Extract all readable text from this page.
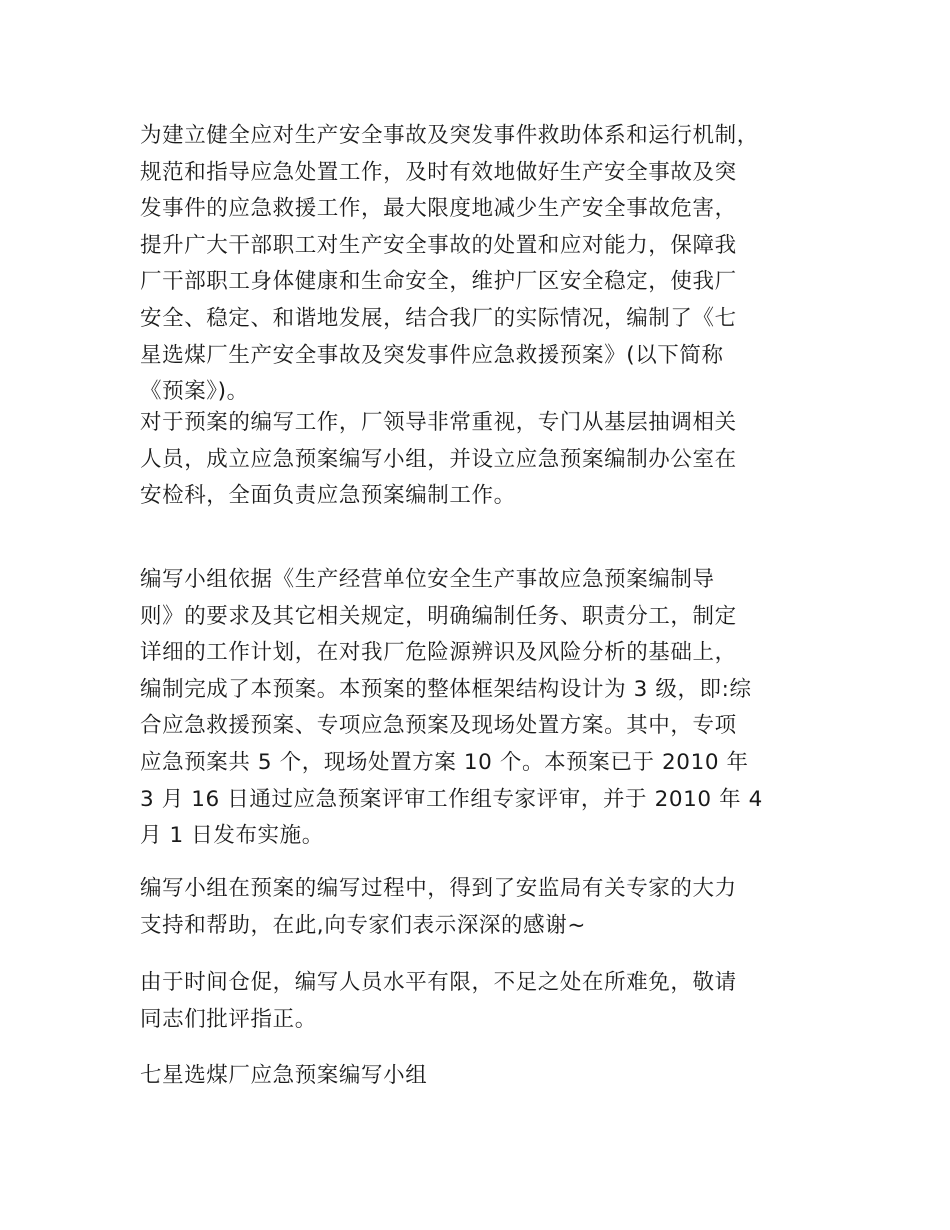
为建立健全应对生产安全事故及突发事件救助体系和运行机制，
规范和指导应急处置工作，及时有效地做好生产安全事故及突
发事件的应急救援工作，最大限度地减少生产安全事故危害，
提升广大干部职工对生产安全事故的处置和应对能力，保障我
厂干部职工身体健康和生命安全，维护厂区安全稳定，使我厂
安全、稳定、和谐地发展，结合我厂的实际情况，编制了《七
星选煤厂生产安全事故及突发事件应急救援预案》(以下简称
《预案》)。
对于预案的编写工作，厂领导非常重视，专门从基层抽调相关
人员，成立应急预案编写小组，并设立应急预案编制办公室在
安检科，全面负责应急预案编制工作。
编写小组依据《生产经营单位安全生产事故应急预案编制导
则》的要求及其它相关规定，明确编制任务、职责分工，制定
详细的工作计划，在对我厂危险源辨识及风险分析的基础上，
编制完成了本预案。本预案的整体框架结构设计为 3 级，即:综
合应急救援预案、专项应急预案及现场处置方案。其中，专项
应急预案共 5 个，现场处置方案 10 个。本预案已于 2010 年
3 月 16 日通过应急预案评审工作组专家评审，并于 2010 年 4
月 1 日发布实施。
编写小组在预案的编写过程中，得到了安监局有关专家的大力
支持和帮助，在此,向专家们表示深深的感谢~
由于时间仓促，编写人员水平有限，不足之处在所难免，敬请
同志们批评指正。
七星选煤厂应急预案编写小组
